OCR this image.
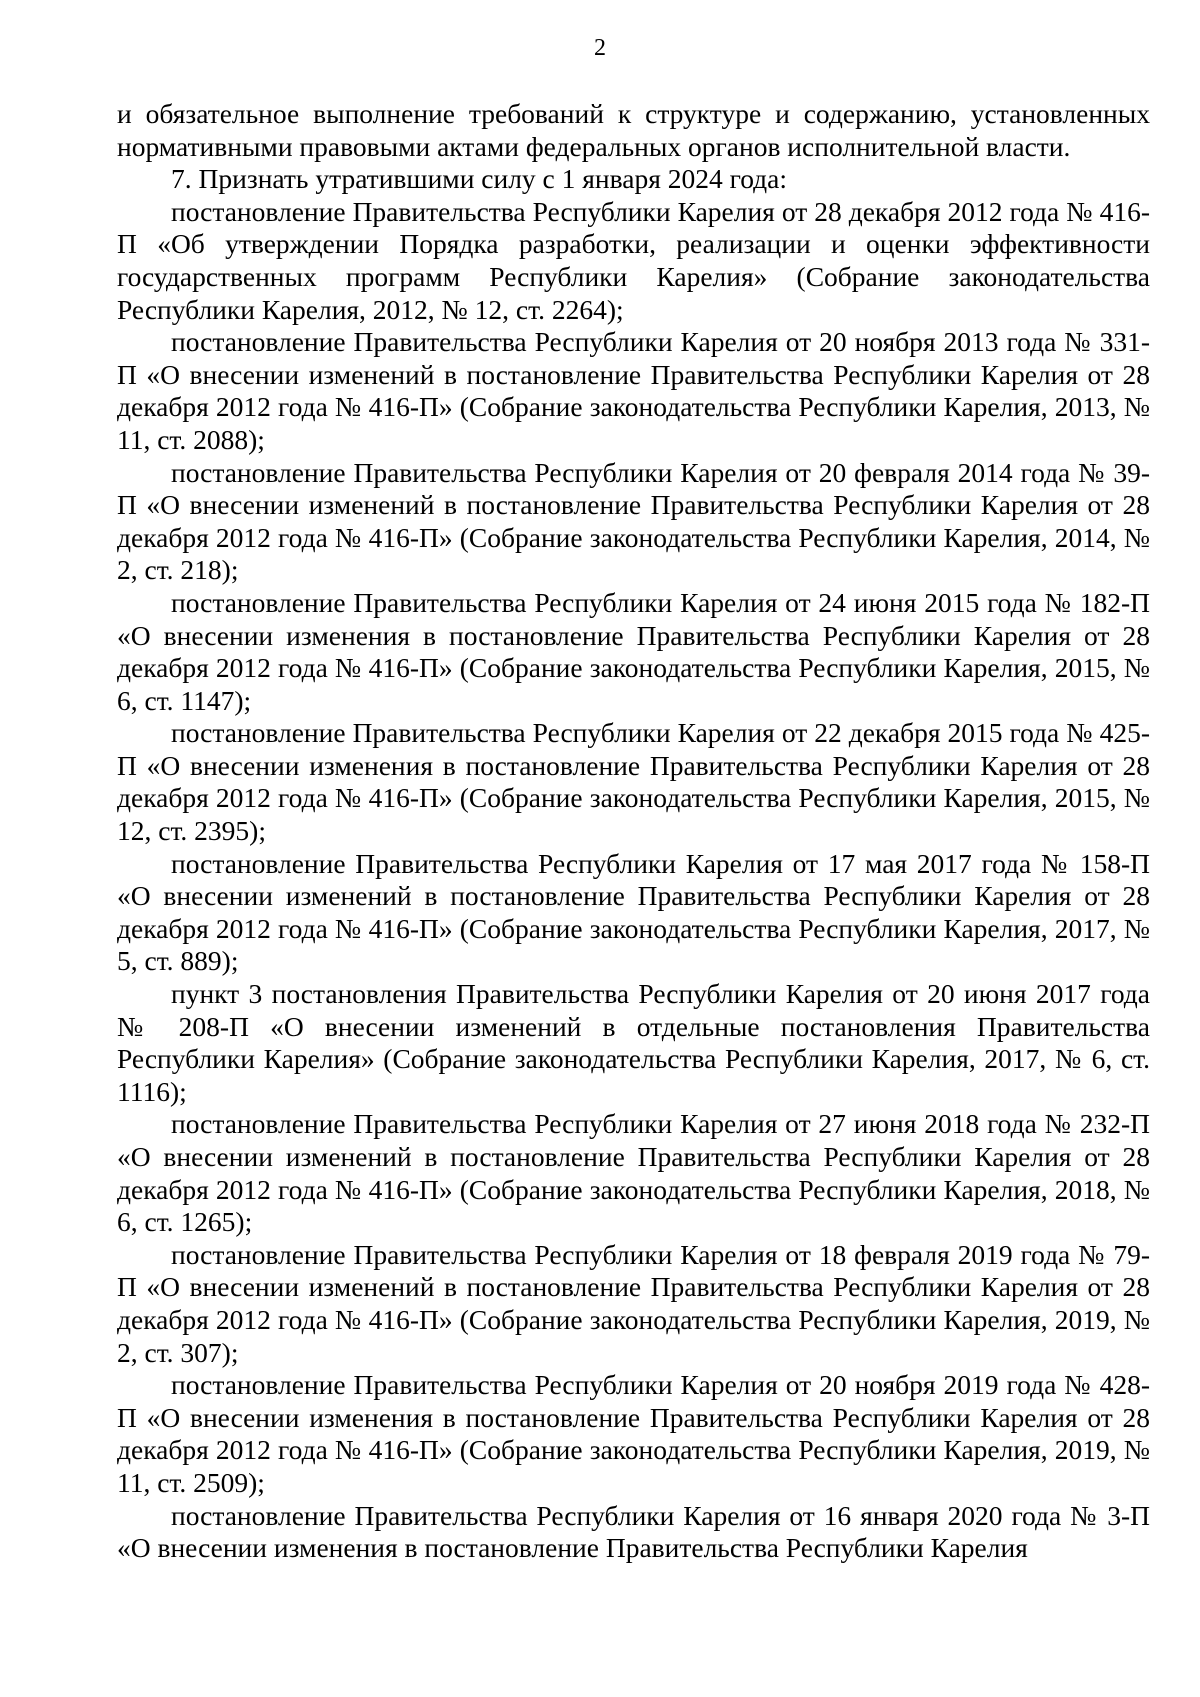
2

и обязательное выполнение требований к структуре и содержанию, установленных нормативными правовыми актами федеральных органов исполнительной власти.

7. Признать утратившими силу с 1 января 2024 года:

постановление Правительства Республики Карелия от 28 декабря 2012 года № 416-П «Об утверждении Порядка разработки, реализации и оценки эффективности государственных программ Республики Карелия» (Собрание законодательства Республики Карелия, 2012, № 12, ст. 2264);

постановление Правительства Республики Карелия от 20 ноября 2013 года № 331-П «О внесении изменений в постановление Правительства Республики Карелия от 28 декабря 2012 года № 416-П» (Собрание законодательства Республики Карелия, 2013, № 11, ст. 2088);

постановление Правительства Республики Карелия от 20 февраля 2014 года № 39-П «О внесении изменений в постановление Правительства Республики Карелия от 28 декабря 2012 года № 416-П» (Собрание законодательства Республики Карелия, 2014, № 2, ст. 218);

постановление Правительства Республики Карелия от 24 июня 2015 года № 182-П «О внесении изменения в постановление Правительства Республики Карелия от 28 декабря 2012 года № 416-П» (Собрание законодательства Республики Карелия, 2015, № 6, ст. 1147);

постановление Правительства Республики Карелия от 22 декабря 2015 года № 425-П «О внесении изменения в постановление Правительства Республики Карелия от 28 декабря 2012 года № 416-П» (Собрание законодательства Республики Карелия, 2015, № 12, ст. 2395);

постановление Правительства Республики Карелия от 17 мая 2017 года № 158-П «О внесении изменений в постановление Правительства Республики Карелия от 28 декабря 2012 года № 416-П» (Собрание законодательства Республики Карелия, 2017, № 5, ст. 889);

пункт 3 постановления Правительства Республики Карелия от 20 июня 2017 года № 208-П «О внесении изменений в отдельные постановления Правительства Республики Карелия» (Собрание законодательства Республики Карелия, 2017, № 6, ст. 1116);

постановление Правительства Республики Карелия от 27 июня 2018 года № 232-П «О внесении изменений в постановление Правительства Республики Карелия от 28 декабря 2012 года № 416-П» (Собрание законодательства Республики Карелия, 2018, № 6, ст. 1265);

постановление Правительства Республики Карелия от 18 февраля 2019 года № 79-П «О внесении изменений в постановление Правительства Республики Карелия от 28 декабря 2012 года № 416-П» (Собрание законодательства Республики Карелия, 2019, № 2, ст. 307);

постановление Правительства Республики Карелия от 20 ноября 2019 года № 428-П «О внесении изменения в постановление Правительства Республики Карелия от 28 декабря 2012 года № 416-П» (Собрание законодательства Республики Карелия, 2019, № 11, ст. 2509);

постановление Правительства Республики Карелия от 16 января 2020 года № 3-П «О внесении изменения в постановление Правительства Республики Карелия
